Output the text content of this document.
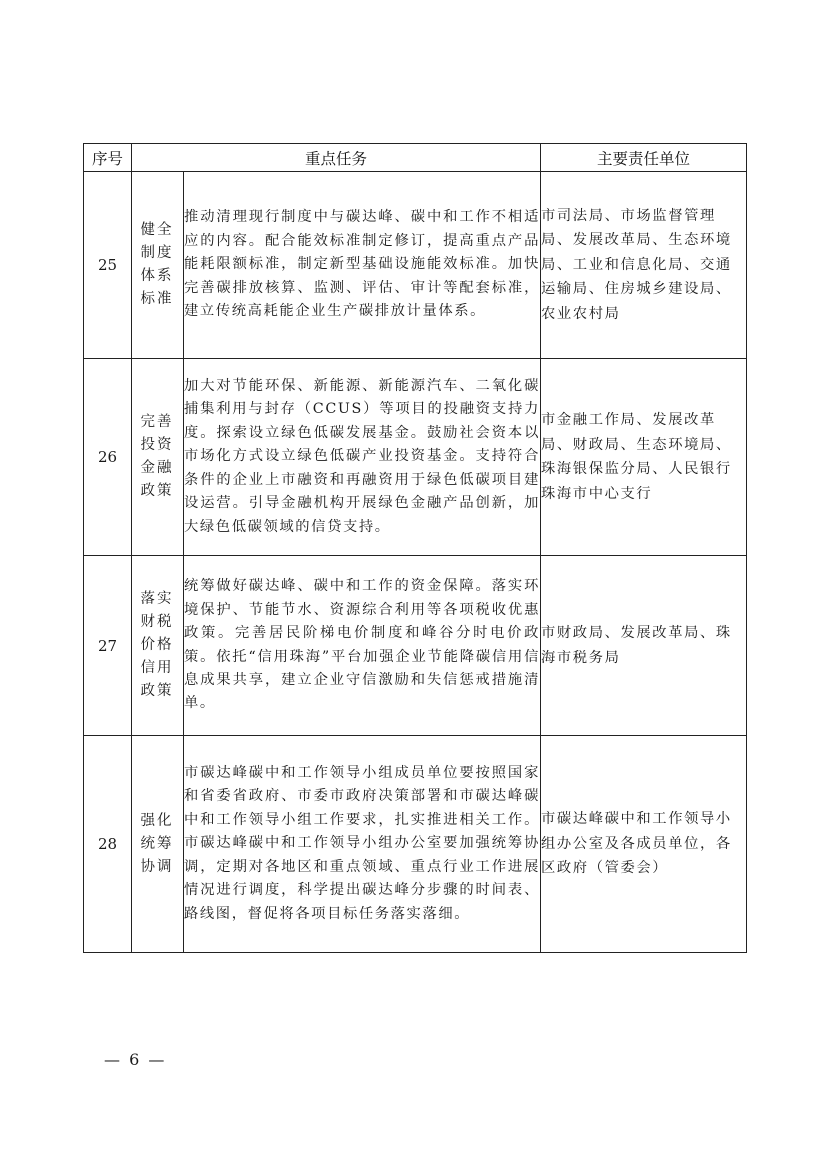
序号	重点任务		主要责任单位
25	健全制度体系标准	推动清理现行制度中与碳达峰、碳中和工作不相适应的内容。配合能效标准制定修订，提高重点产品能耗限额标准，制定新型基础设施能效标准。加快完善碳排放核算、监测、评估、审计等配套标准，建立传统高耗能企业生产碳排放计量体系。	市司法局、市场监督管理局、发展改革局、生态环境局、工业和信息化局、交通运输局、住房城乡建设局、农业农村局
26	完善投资金融政策	加大对节能环保、新能源、新能源汽车、二氧化碳捕集利用与封存（CCUS）等项目的投融资支持力度。探索设立绿色低碳发展基金。鼓励社会资本以市场化方式设立绿色低碳产业投资基金。支持符合条件的企业上市融资和再融资用于绿色低碳项目建设运营。引导金融机构开展绿色金融产品创新，加大绿色低碳领域的信贷支持。	市金融工作局、发展改革局、财政局、生态环境局、珠海银保监分局、人民银行珠海市中心支行
27	落实财税价格信用政策	统筹做好碳达峰、碳中和工作的资金保障。落实环境保护、节能节水、资源综合利用等各项税收优惠政策。完善居民阶梯电价制度和峰谷分时电价政策。依托“信用珠海”平台加强企业节能降碳信用信息成果共享，建立企业守信激励和失信惩戒措施清单。	市财政局、发展改革局、珠海市税务局
28	强化统筹协调	市碳达峰碳中和工作领导小组成员单位要按照国家和省委省政府、市委市政府决策部署和市碳达峰碳中和工作领导小组工作要求，扎实推进相关工作。市碳达峰碳中和工作领导小组办公室要加强统筹协调，定期对各地区和重点领域、重点行业工作进展情况进行调度，科学提出碳达峰分步骤的时间表、路线图，督促将各项目标任务落实落细。	市碳达峰碳中和工作领导小组办公室及各成员单位，各区政府（管委会）
— 6 —
